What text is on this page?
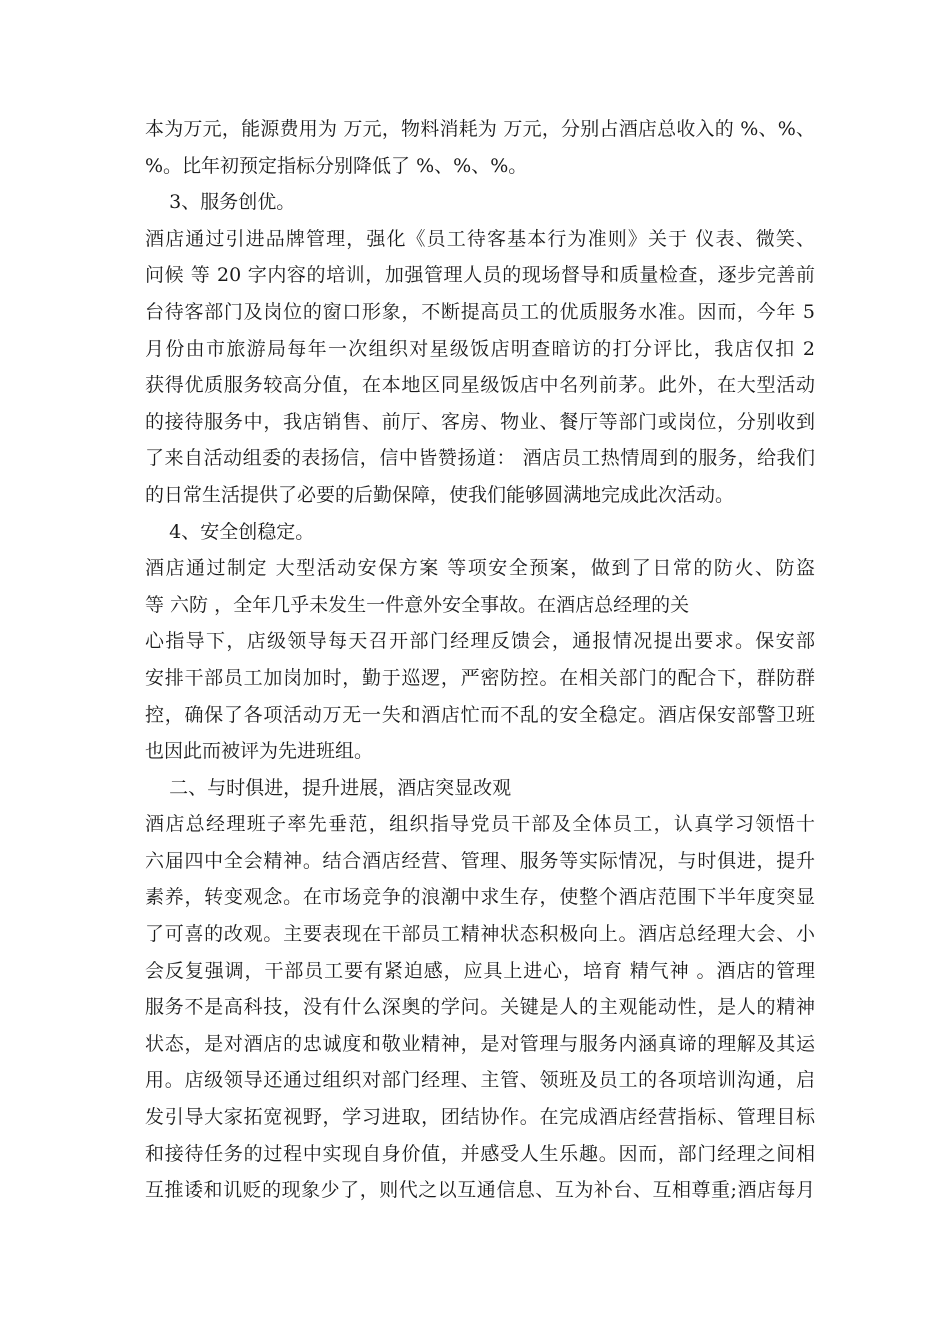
本为万元，能源费用为 万元，物料消耗为 万元，分别占酒店总收入的 %、%、
%。比年初预定指标分别降低了 %、%、%。
3、服务创优。
酒店通过引进品牌管理，强化《员工待客基本行为准则》关于 仪表、微笑、
问候 等 20 字内容的培训，加强管理人员的现场督导和质量检查，逐步完善前
台待客部门及岗位的窗口形象，不断提高员工的优质服务水准。因而，今年 5
月份由市旅游局每年一次组织对星级饭店明查暗访的打分评比，我店仅扣 2
获得优质服务较高分值，在本地区同星级饭店中名列前茅。此外，在大型活动
的接待服务中，我店销售、前厅、客房、物业、餐厅等部门或岗位，分别收到
了来自活动组委的表扬信，信中皆赞扬道： 酒店员工热情周到的服务，给我们
的日常生活提供了必要的后勤保障，使我们能够圆满地完成此次活动。
4、安全创稳定。
酒店通过制定 大型活动安保方案 等项安全预案，做到了日常的防火、防盗
等 六防 ，全年几乎未发生一件意外安全事故。在酒店总经理的关
心指导下，店级领导每天召开部门经理反馈会，通报情况提出要求。保安部
安排干部员工加岗加时，勤于巡逻，严密防控。在相关部门的配合下，群防群
控，确保了各项活动万无一失和酒店忙而不乱的安全稳定。酒店保安部警卫班
也因此而被评为先进班组。
二、与时俱进，提升进展，酒店突显改观
酒店总经理班子率先垂范，组织指导党员干部及全体员工，认真学习领悟十
六届四中全会精神。结合酒店经营、管理、服务等实际情况，与时俱进，提升
素养，转变观念。在市场竞争的浪潮中求生存，使整个酒店范围下半年度突显
了可喜的改观。主要表现在干部员工精神状态积极向上。酒店总经理大会、小
会反复强调，干部员工要有紧迫感，应具上进心，培育 精气神 。酒店的管理
服务不是高科技，没有什么深奥的学问。关键是人的主观能动性，是人的精神
状态，是对酒店的忠诚度和敬业精神，是对管理与服务内涵真谛的理解及其运
用。店级领导还通过组织对部门经理、主管、领班及员工的各项培训沟通，启
发引导大家拓宽视野，学习进取，团结协作。在完成酒店经营指标、管理目标
和接待任务的过程中实现自身价值，并感受人生乐趣。因而，部门经理之间相
互推诿和讥贬的现象少了，则代之以互通信息、互为补台、互相尊重;酒店每月
